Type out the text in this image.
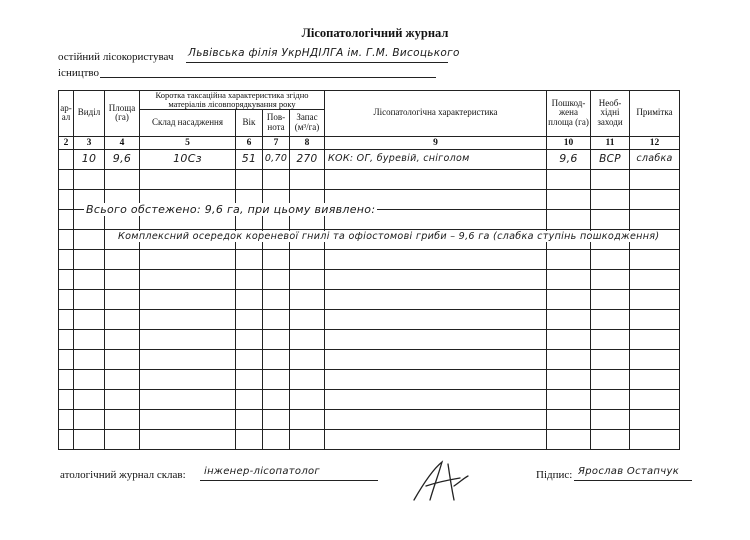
Лісопатологічний журнал
остійний лісокористувач Львівська філія УкрНДІЛГА ім. Г.М. Висоцького
ісництво
ар- ал	Виділ	Площа (га)	Коротка таксаційна характеристика згідно матеріалів лісовпорядкування року				Лісопатологічна характеристика	Пошкод- жена площа (га)	Необ- хідні заходи	Примітка
			Склад насадження	Вік	Пов- нота	Запас (м³/га)				
2	3	4	5	6	7	8	9	10	11	12
	10	9,6	10Сз	51	0,70	270	КОК: ОГ, буревій, сніголом	9,6	ВСР	слабка

Всього обстежено: 9,6 га, при цьому виявлено:
Комплексний осередок кореневої гнилі та офіостомові гриби – 9,6 га (слабка ступінь пошкодження)
атологічний журнал склав: інженер-лісопатолог	Підпис: Ярослав Остапчук
